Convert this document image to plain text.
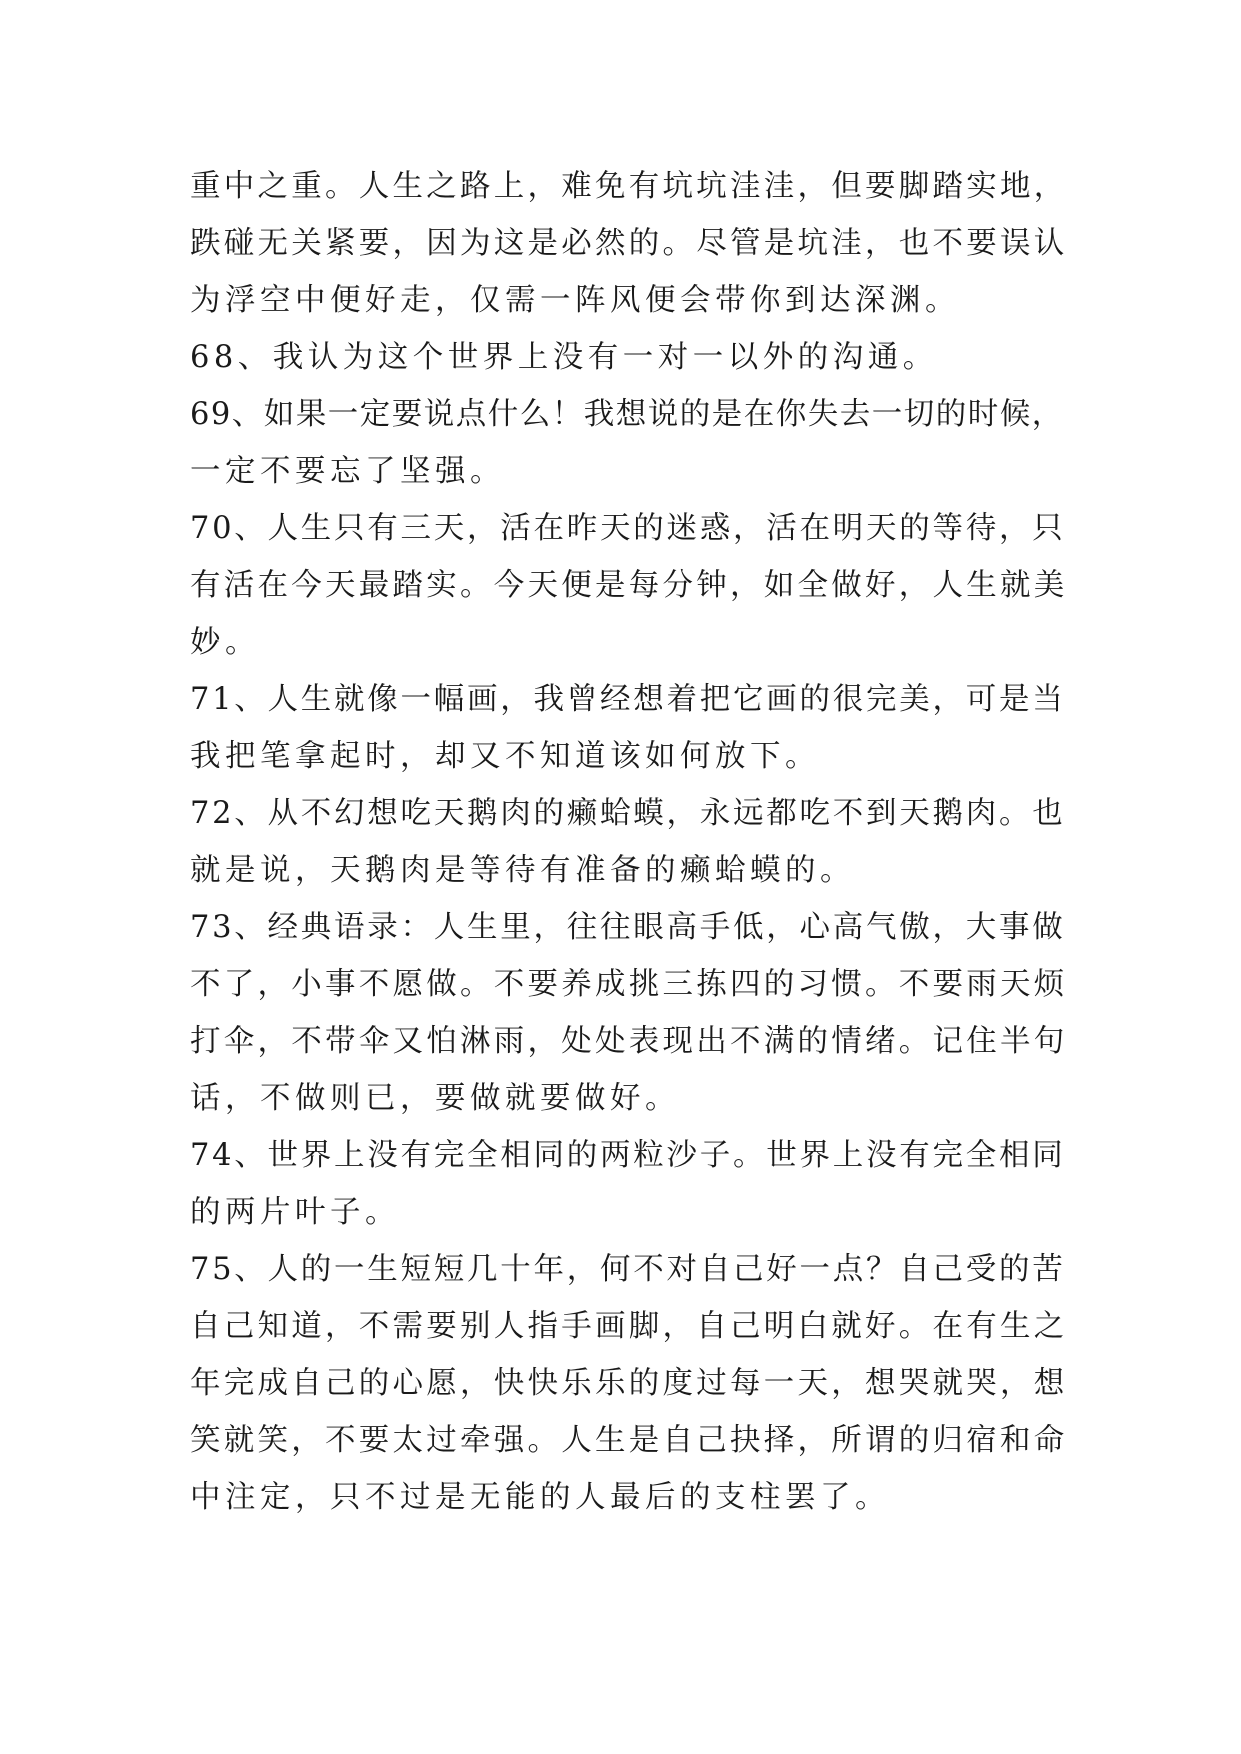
重中之重。人生之路上，难免有坑坑洼洼，但要脚踏实地，
跌碰无关紧要，因为这是必然的。尽管是坑洼，也不要误认
为浮空中便好走，仅需一阵风便会带你到达深渊。

68、我认为这个世界上没有一对一以外的沟通。

69、如果一定要说点什么！我想说的是在你失去一切的时候，
一定不要忘了坚强。

70、人生只有三天，活在昨天的迷惑，活在明天的等待，只
有活在今天最踏实。今天便是每分钟，如全做好，人生就美
妙。

71、人生就像一幅画，我曾经想着把它画的很完美，可是当
我把笔拿起时，却又不知道该如何放下。

72、从不幻想吃天鹅肉的癞蛤蟆，永远都吃不到天鹅肉。也
就是说，天鹅肉是等待有准备的癞蛤蟆的。

73、经典语录：人生里，往往眼高手低，心高气傲，大事做
不了，小事不愿做。不要养成挑三拣四的习惯。不要雨天烦
打伞，不带伞又怕淋雨，处处表现出不满的情绪。记住半句
话，不做则已，要做就要做好。

74、世界上没有完全相同的两粒沙子。世界上没有完全相同
的两片叶子。

75、人的一生短短几十年，何不对自己好一点？自己受的苦
自己知道，不需要别人指手画脚，自己明白就好。在有生之
年完成自己的心愿，快快乐乐的度过每一天，想哭就哭，想
笑就笑，不要太过牵强。人生是自己抉择，所谓的归宿和命
中注定，只不过是无能的人最后的支柱罢了。
